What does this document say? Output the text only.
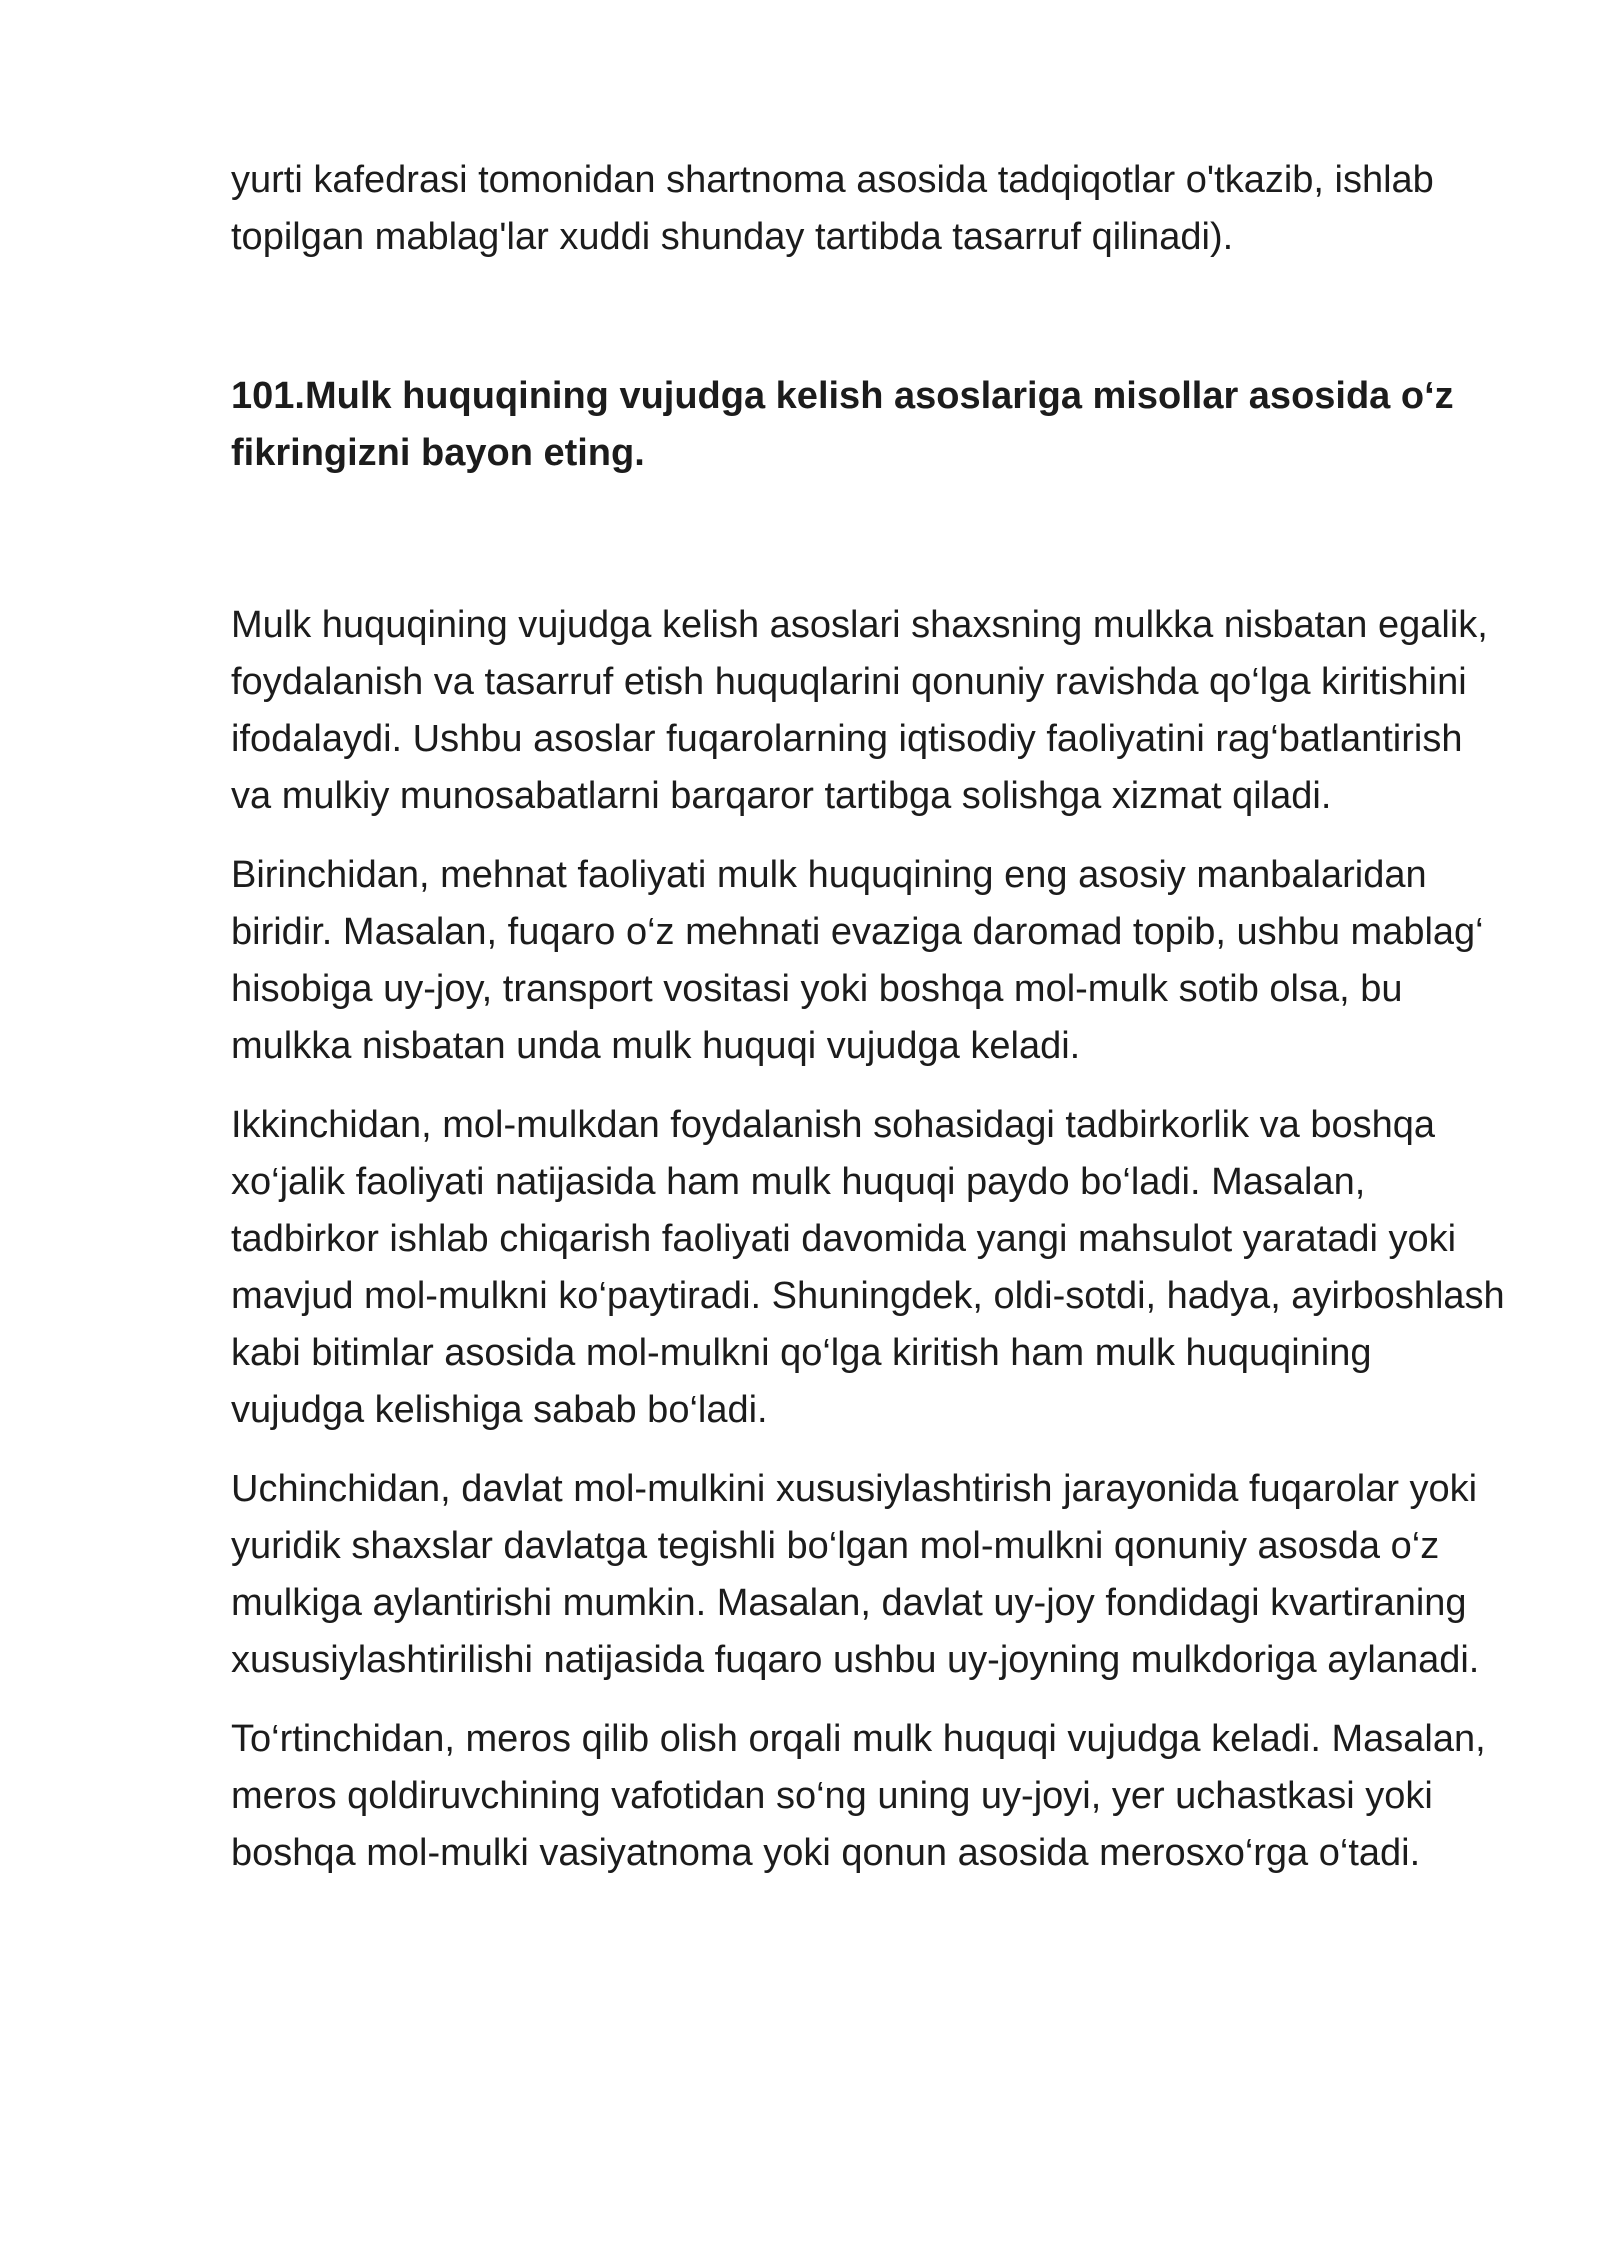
yurti kafedrasi tomonidan shartnoma asosida tadqiqotlar o'tkazib, ishlab topilgan mablag'lar xuddi shunday tartibda tasarruf qilinadi).

101.Mulk huquqining vujudga kelish asoslariga misollar asosida o‘z fikringizni bayon eting.

Mulk huquqining vujudga kelish asoslari shaxsning mulkka nisbatan egalik, foydalanish va tasarruf etish huquqlarini qonuniy ravishda qo‘lga kiritishini ifodalaydi. Ushbu asoslar fuqarolarning iqtisodiy faoliyatini rag‘batlantirish va mulkiy munosabatlarni barqaror tartibga solishga xizmat qiladi.

Birinchidan, mehnat faoliyati mulk huquqining eng asosiy manbalaridan biridir. Masalan, fuqaro o‘z mehnati evaziga daromad topib, ushbu mablag‘ hisobiga uy-joy, transport vositasi yoki boshqa mol-mulk sotib olsa, bu mulkka nisbatan unda mulk huquqi vujudga keladi.

Ikkinchidan, mol-mulkdan foydalanish sohasidagi tadbirkorlik va boshqa xo‘jalik faoliyati natijasida ham mulk huquqi paydo bo‘ladi. Masalan, tadbirkor ishlab chiqarish faoliyati davomida yangi mahsulot yaratadi yoki mavjud mol-mulkni ko‘paytiradi. Shuningdek, oldi-sotdi, hadya, ayirboshlash kabi bitimlar asosida mol-mulkni qo‘lga kiritish ham mulk huquqining vujudga kelishiga sabab bo‘ladi.

Uchinchidan, davlat mol-mulkini xususiylashtirish jarayonida fuqarolar yoki yuridik shaxslar davlatga tegishli bo‘lgan mol-mulkni qonuniy asosda o‘z mulkiga aylantirishi mumkin. Masalan, davlat uy-joy fondidagi kvartiraning xususiylashtirilishi natijasida fuqaro ushbu uy-joyning mulkdoriga aylanadi.

To‘rtinchidan, meros qilib olish orqali mulk huquqi vujudga keladi. Masalan, meros qoldiruvchining vafotidan so‘ng uning uy-joyi, yer uchastkasi yoki boshqa mol-mulki vasiyatnoma yoki qonun asosida merosxo‘rga o‘tadi.
